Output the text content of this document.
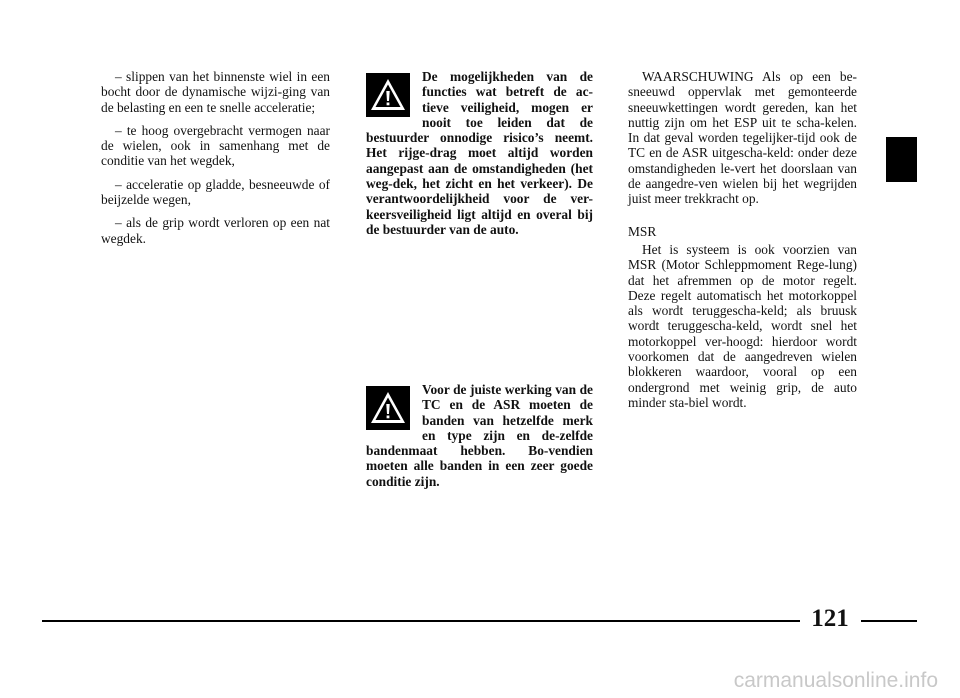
– slippen van het binnenste wiel in een bocht door de dynamische wijzi-ging van de belasting en een te snelle acceleratie;

– te hoog overgebracht vermogen naar de wielen, ook in samenhang met de conditie van het wegdek,

– acceleratie op gladde, besneeuwde of beijzelde wegen,

– als de grip wordt verloren op een nat wegdek.

De mogelijkheden van de functies wat betreft de ac-tieve veiligheid, mogen er nooit toe leiden dat de bestuurder onnodige risico’s neemt. Het rijge-drag moet altijd worden aangepast aan de omstandigheden (het weg-dek, het zicht en het verkeer). De verantwoordelijkheid voor de ver-keersveiligheid ligt altijd en overal bij de bestuurder van de auto.

Voor de juiste werking van de TC en de ASR moeten de banden van hetzelfde merk en type zijn en de-zelfde bandenmaat hebben. Bo-vendien moeten alle banden in een zeer goede conditie zijn.

WAARSCHUWING Als op een be-sneeuwd oppervlak met gemonteerde sneeuwkettingen wordt gereden, kan het nuttig zijn om het ESP uit te scha-kelen. In dat geval worden tegelijker-tijd ook de TC en de ASR uitgescha-keld: onder deze omstandigheden le-vert het doorslaan van de aangedre-ven wielen bij het wegrijden juist meer trekkracht op.

MSR

Het is systeem is ook voorzien van MSR (Motor Schleppmoment Rege-lung) dat het afremmen op de motor regelt. Deze regelt automatisch het motorkoppel als wordt teruggescha-keld; als bruusk wordt teruggescha-keld, wordt snel het motorkoppel ver-hoogd: hierdoor wordt voorkomen dat de aangedreven wielen blokkeren waardoor, vooral op een ondergrond met weinig grip, de auto minder sta-biel wordt.

121
carmanualsonline.info
